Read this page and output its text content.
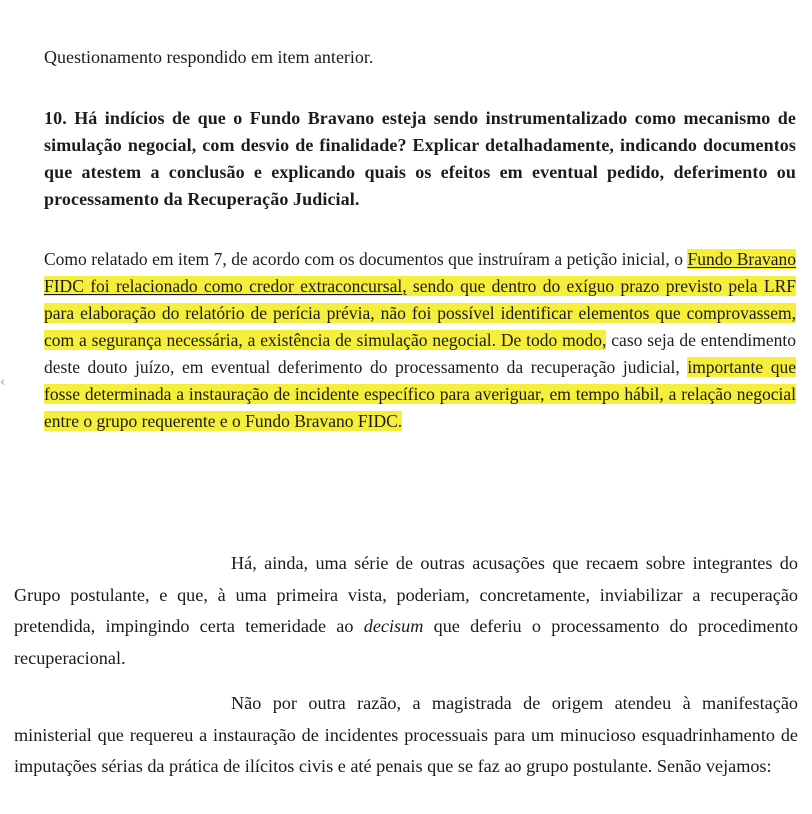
Questionamento respondido em item anterior.
10. Há indícios de que o Fundo Bravano esteja sendo instrumentalizado como mecanismo de simulação negocial, com desvio de finalidade? Explicar detalhadamente, indicando documentos que atestem a conclusão e explicando quais os efeitos em eventual pedido, deferimento ou processamento da Recuperação Judicial.
Como relatado em item 7, de acordo com os documentos que instruíram a petição inicial, o Fundo Bravano FIDC foi relacionado como credor extraconcursal, sendo que dentro do exíguo prazo previsto pela LRF para elaboração do relatório de perícia prévia, não foi possível identificar elementos que comprovassem, com a segurança necessária, a existência de simulação negocial. De todo modo, caso seja de entendimento deste douto juízo, em eventual deferimento do processamento da recuperação judicial, importante que fosse determinada a instauração de incidente específico para averiguar, em tempo hábil, a relação negocial entre o grupo requerente e o Fundo Bravano FIDC.
Há, ainda, uma série de outras acusações que recaem sobre integrantes do Grupo postulante, e que, à uma primeira vista, poderiam, concretamente, inviabilizar a recuperação pretendida, impingindo certa temeridade ao decisum que deferiu o processamento do procedimento recuperacional.
Não por outra razão, a magistrada de origem atendeu à manifestação ministerial que requereu a instauração de incidentes processuais para um minucioso esquadrinhamento de imputações sérias da prática de ilícitos civis e até penais que se faz ao grupo postulante. Senão vejamos:
‹
